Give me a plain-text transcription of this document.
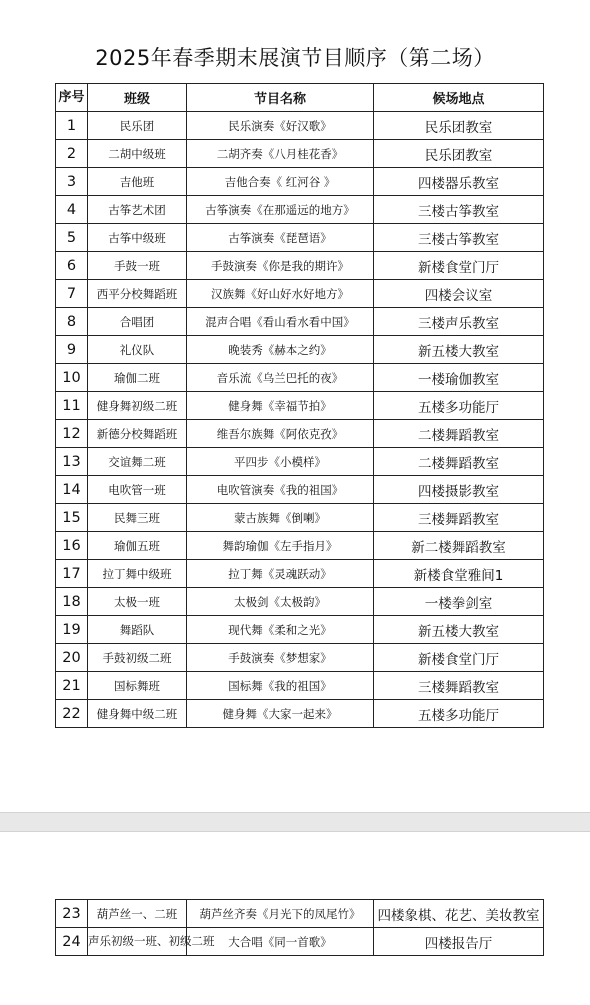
2025年春季期末展演节目顺序（第二场）
序号	班级	节目名称	候场地点
1	民乐团	民乐演奏《好汉歌》	民乐团教室
2	二胡中级班	二胡齐奏《八月桂花香》	民乐团教室
3	吉他班	吉他合奏《 红河谷 》	四楼器乐教室
4	古筝艺术团	古筝演奏《在那遥远的地方》	三楼古筝教室
5	古筝中级班	古筝演奏《琵琶语》	三楼古筝教室
6	手鼓一班	手鼓演奏《你是我的期许》	新楼食堂门厅
7	西平分校舞蹈班	汉族舞《好山好水好地方》	四楼会议室
8	合唱团	混声合唱《看山看水看中国》	三楼声乐教室
9	礼仪队	晚装秀《赫本之约》	新五楼大教室
10	瑜伽二班	音乐流《乌兰巴托的夜》	一楼瑜伽教室
11	健身舞初级二班	健身舞《幸福节拍》	五楼多功能厅
12	新德分校舞蹈班	维吾尔族舞《阿依克孜》	二楼舞蹈教室
13	交谊舞二班	平四步《小模样》	二楼舞蹈教室
14	电吹管一班	电吹管演奏《我的祖国》	四楼摄影教室
15	民舞三班	蒙古族舞《倒喇》	三楼舞蹈教室
16	瑜伽五班	舞韵瑜伽《左手指月》	新二楼舞蹈教室
17	拉丁舞中级班	拉丁舞《灵魂跃动》	新楼食堂雅间1
18	太极一班	太极剑《太极韵》	一楼拳剑室
19	舞蹈队	现代舞《柔和之光》	新五楼大教室
20	手鼓初级二班	手鼓演奏《梦想家》	新楼食堂门厅
21	国标舞班	国标舞《我的祖国》	三楼舞蹈教室
22	健身舞中级二班	健身舞《大家一起来》	五楼多功能厅
23	葫芦丝一、二班	葫芦丝齐奏《月光下的凤尾竹》	四楼象棋、花艺、美妆教室
24	声乐初级一班、初级二班	大合唱《同一首歌》	四楼报告厅
